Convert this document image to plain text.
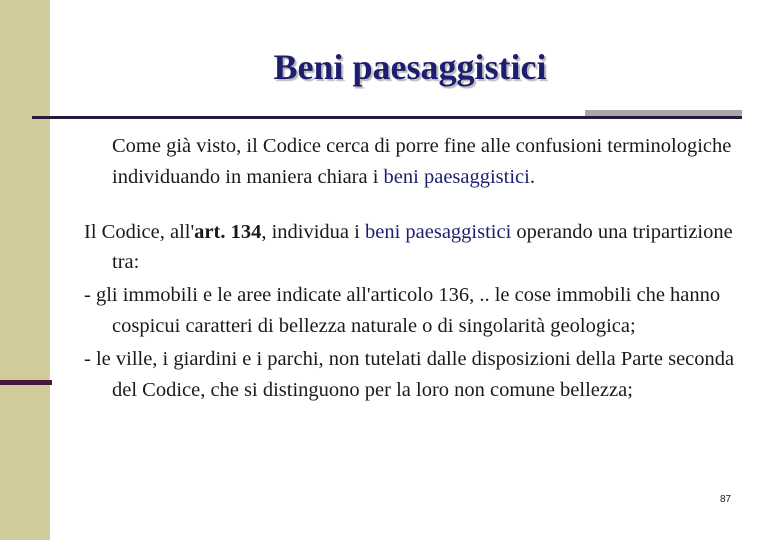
Beni paesaggistici

Come già visto, il Codice cerca di porre fine alle confusioni terminologiche individuando in maniera chiara i beni paesaggistici.

Il Codice, all'art. 134, individua i beni paesaggistici operando una tripartizione tra:

- gli immobili e le aree indicate all'articolo 136, .. le cose immobili che hanno cospicui caratteri di bellezza naturale o di singolarità geologica;

- le ville, i giardini e i parchi, non tutelati dalle disposizioni della Parte seconda del Codice, che si distinguono per la loro non comune bellezza;

87
